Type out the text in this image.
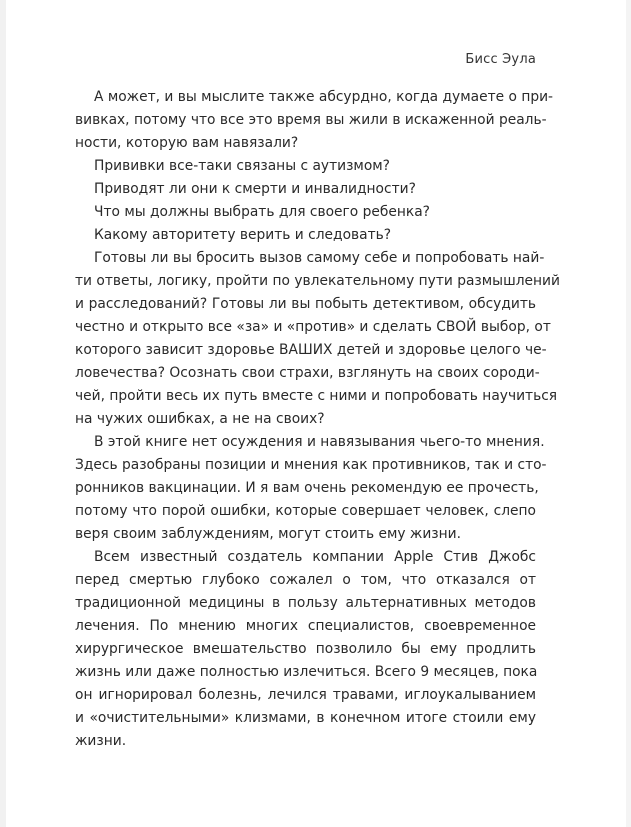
Бисс Эула
А может, и вы мыслите также абсурдно, когда думаете о при-
вивках, потому что все это время вы жили в искаженной реаль-
ности, которую вам навязали?
Прививки все-таки связаны с аутизмом?
Приводят ли они к смерти и инвалидности?
Что мы должны выбрать для своего ребенка?
Какому авторитету верить и следовать?
Готовы ли вы бросить вызов самому себе и попробовать най-
ти ответы, логику, пройти по увлекательному пути размышлений
и расследований? Готовы ли вы побыть детективом, обсудить
честно и открыто все «за» и «против» и сделать СВОЙ выбор, от
которого зависит здоровье ВАШИХ детей и здоровье целого че-
ловечества? Осознать свои страхи, взглянуть на своих сороди-
чей, пройти весь их путь вместе с ними и попробовать научиться
на чужих ошибках, а не на своих?
В этой книге нет осуждения и навязывания чьего-то мнения.
Здесь разобраны позиции и мнения как противников, так и сто-
ронников вакцинации. И я вам очень рекомендую ее прочесть,
потому что порой ошибки, которые совершает человек, слепо
веря своим заблуждениям, могут стоить ему жизни.
Всем известный создатель компании Apple Стив Джобс
перед смертью глубоко сожалел о том, что отказался от
традиционной медицины в пользу альтернативных методов
лечения. По мнению многих специалистов, своевременное
хирургическое вмешательство позволило бы ему продлить
жизнь или даже полностью излечиться. Всего 9 месяцев, пока
он игнорировал болезнь, лечился травами, иглоукалыванием
и «очистительными» клизмами, в конечном итоге стоили ему
жизни.
